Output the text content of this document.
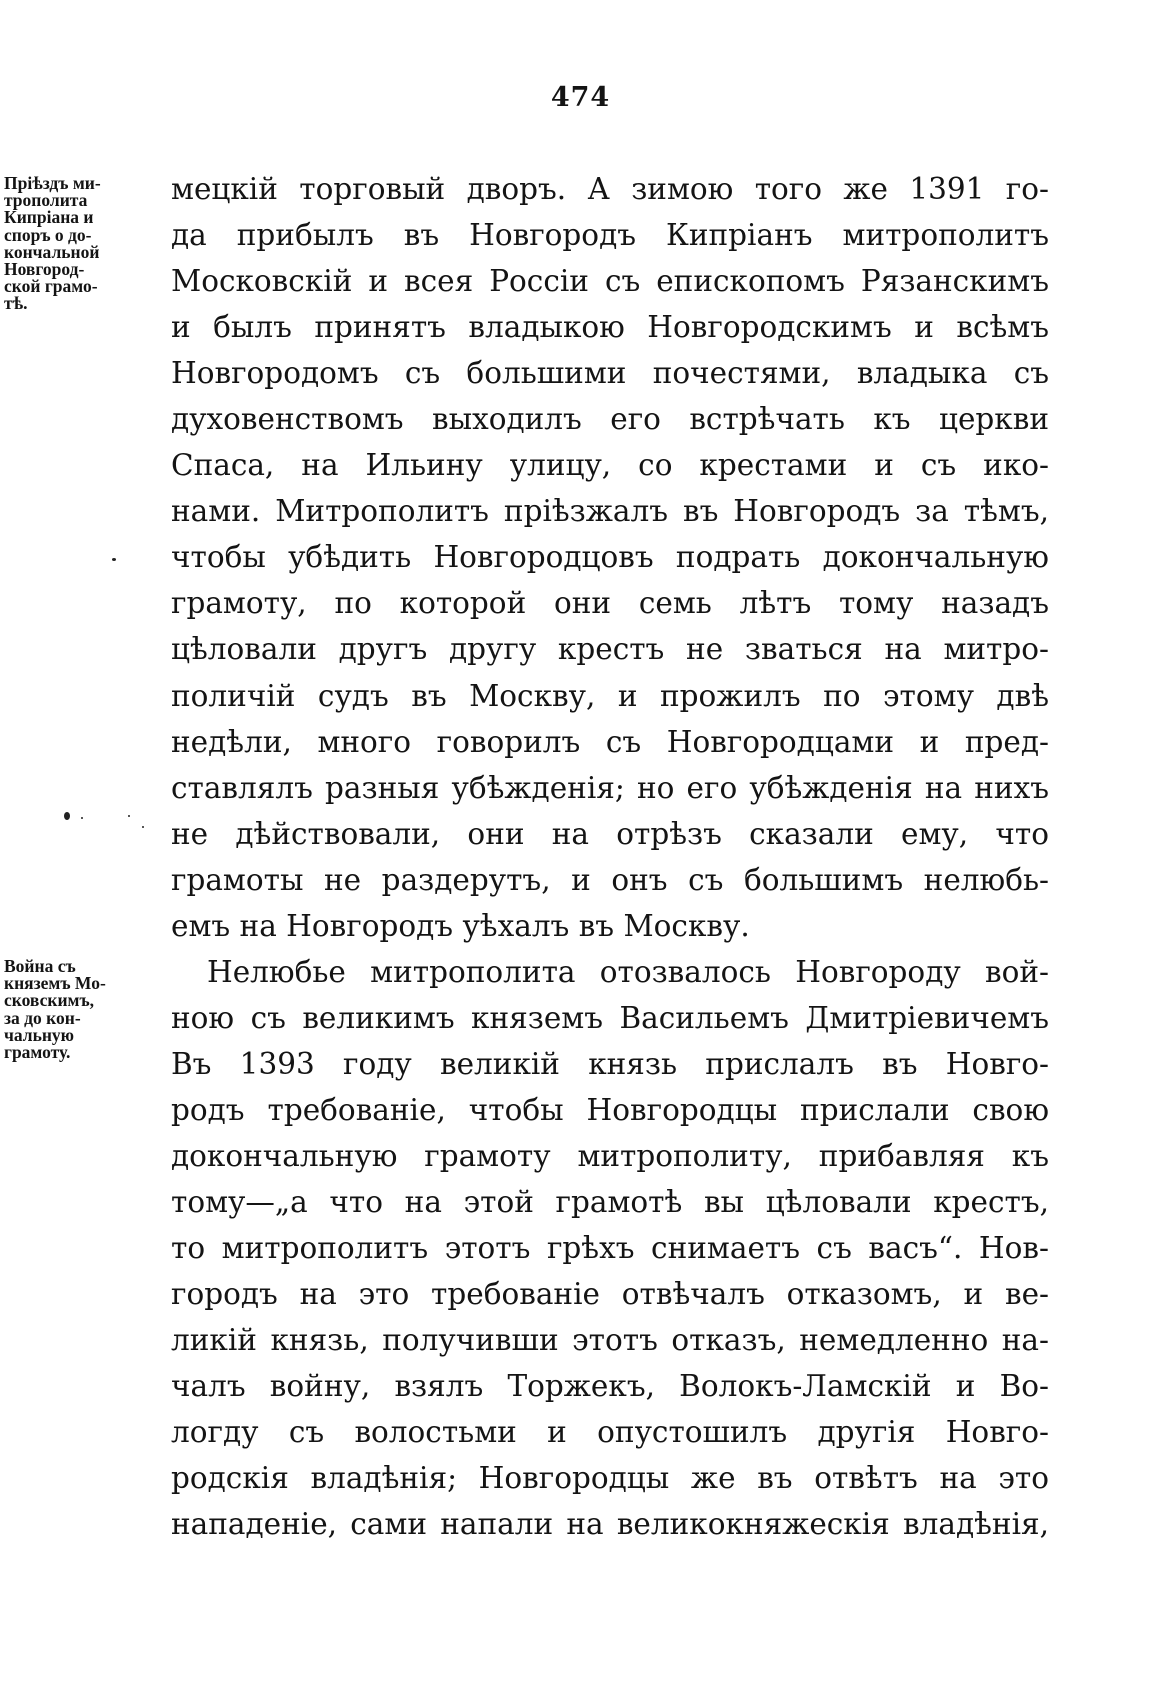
474
Прiѣздъ ми-
трополита
Кипрiана и
споръ о до-
кончальной
Новгород-
ской грамо-
тѣ.
Война съ
княземъ Мо-
сковскимъ,
за до кон-
чальную
грамоту.
мецкiй торговый дворъ. А зимою того же 1391 го-
да прибылъ въ Новгородъ Кипрiанъ митрополитъ
Московскiй и всея Россiи съ епископомъ Рязанскимъ
и былъ принятъ владыкою Новгородскимъ и всѣмъ
Новгородомъ съ большими почестями, владыка съ
духовенствомъ выходилъ его встрѣчать къ церкви
Спаса, на Ильину улицу, со крестами и съ ико-
нами. Митрополитъ прiѣзжалъ въ Новгородъ за тѣмъ,
чтобы убѣдить Новгородцовъ подрать докончальную
грамоту, по которой они семь лѣтъ тому назадъ
цѣловали другъ другу крестъ не зваться на митро-
поличiй судъ въ Москву, и прожилъ по этому двѣ
недѣли, много говорилъ съ Новгородцами и пред-
ставлялъ разныя убѣжденiя; но его убѣжденiя на нихъ
не дѣйствовали, они на отрѣзъ сказали ему, что
грамоты не раздерутъ, и онъ съ большимъ нелюбь-
емъ на Новгородъ уѣхалъ въ Москву.
Нелюбье митрополита отозвалось Новгороду вой-
ною съ великимъ княземъ Васильемъ Дмитрiевичемъ
Въ 1393 году великiй князь прислалъ въ Новго-
родъ требованiе, чтобы Новгородцы прислали свою
докончальную грамоту митрополиту, прибавляя къ
тому—„а что на этой грамотѣ вы цѣловали крестъ,
то митрополитъ этотъ грѣхъ снимаетъ съ васъ“. Нов-
городъ на это требованiе отвѣчалъ отказомъ, и ве-
ликiй князь, получивши этотъ отказъ, немедленно на-
чалъ войну, взялъ Торжекъ, Волокъ-Ламскiй и Во-
логду съ волостьми и опустошилъ другiя Новго-
родскiя владѣнiя; Новгородцы же въ отвѣтъ на это
нападенiе, сами напали на великокняжескiя владѣнiя,
